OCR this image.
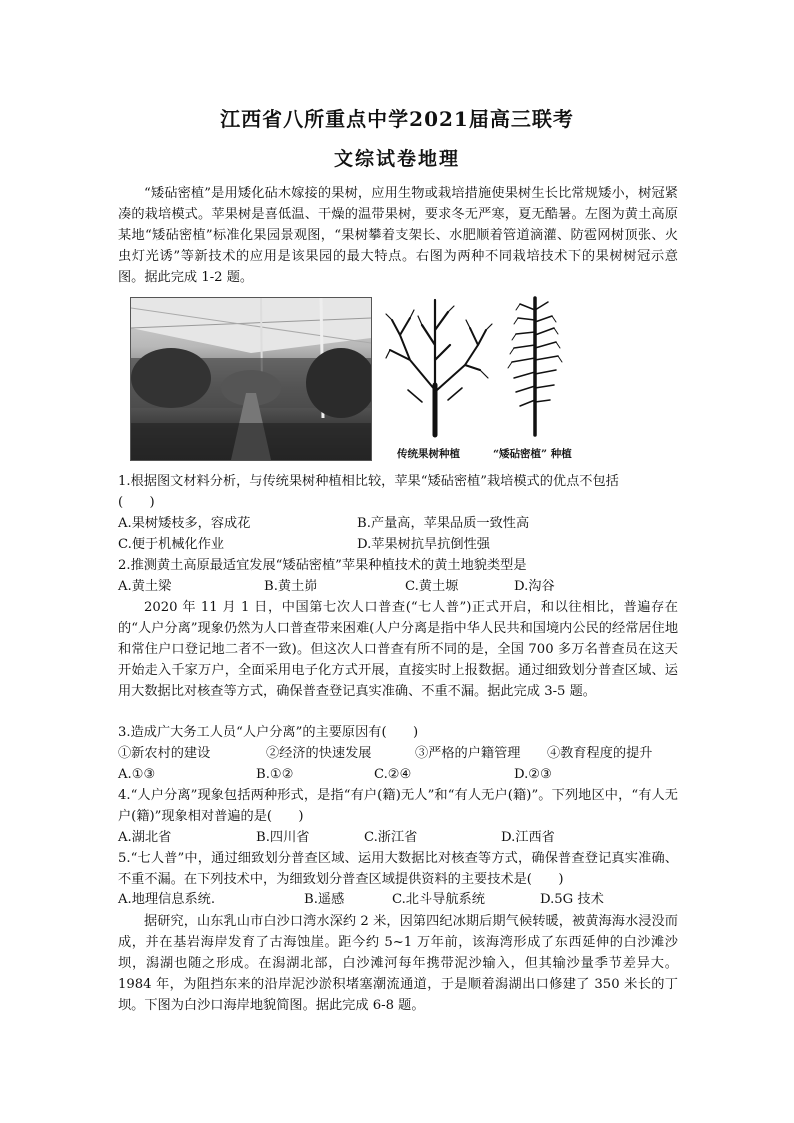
江西省八所重点中学2021届高三联考
文综试卷地理
“矮砧密植”是用矮化砧木嫁接的果树，应用生物或栽培措施使果树生长比常规矮小，树冠紧凑的栽培模式。苹果树是喜低温、干燥的温带果树，要求冬无严寒，夏无酷暑。左图为黄土高原某地“矮砧密植”标准化果园景观图，“果树攀着支架长、水肥顺着管道滴灌、防雹网树顶张、火虫灯光诱”等新技术的应用是该果园的最大特点。右图为两种不同栽培技术下的果树树冠示意图。据此完成 1-2 题。
传统果树种植	“矮砧密植” 种植
1.根据图文材料分析，与传统果树种植相比较，苹果“矮砧密植”栽培模式的优点不包括
(　　)
A.果树矮枝多，容成花	B.产量高，苹果品质一致性高
C.便于机械化作业	D.苹果树抗旱抗倒性强
2.推测黄土高原最适宜发展“矮砧密植”苹果种植技术的黄土地貌类型是
A.黄土梁	B.黄土峁	C.黄土塬	D.沟谷
2020 年 11 月 1 日，中国第七次人口普查(“七人普”)正式开启，和以往相比，普遍存在的“人户分离”现象仍然为人口普查带来困难(人户分离是指中华人民共和国境内公民的经常居住地和常住户口登记地二者不一致)。但这次人口普查有所不同的是，全国 700 多万名普查员在这天开始走入千家万户，全面采用电子化方式开展，直接实时上报数据。通过细致划分普查区域、运用大数据比对核查等方式，确保普查登记真实准确、不重不漏。据此完成 3-5 题。
3.造成广大务工人员“人户分离”的主要原因有(　　)
①新农村的建设	②经济的快速发展	③严格的户籍管理 ④教育程度的提升
A.①③	B.①②	C.②④	D.②③
4.“人户分离”现象包括两种形式，是指“有户(籍)无人”和“有人无户(籍)”。下列地区中，“有人无户(籍)”现象相对普遍的是(　　)
A.湖北省	B.四川省	C.浙江省	D.江西省
5.“七人普”中，通过细致划分普查区域、运用大数据比对核查等方式，确保普查登记真实准确、不重不漏。在下列技术中，为细致划分普查区域提供资料的主要技术是(　　)
A.地理信息系统.	B.遥感	C.北斗导航系统	D.5G 技术
据研究，山东乳山市白沙口湾水深约 2 米，因第四纪冰期后期气候转暖，被黄海海水浸没而成，并在基岩海岸发育了古海蚀崖。距今约 5~1 万年前，该海湾形成了东西延伸的白沙滩沙坝，潟湖也随之形成。在潟湖北部，白沙滩河每年携带泥沙输入，但其输沙量季节差异大。1984 年，为阻挡东来的沿岸泥沙淤积堵塞潮流通道，于是顺着潟湖出口修建了 350 米长的丁坝。下图为白沙口海岸地貌简图。据此完成 6-8 题。
